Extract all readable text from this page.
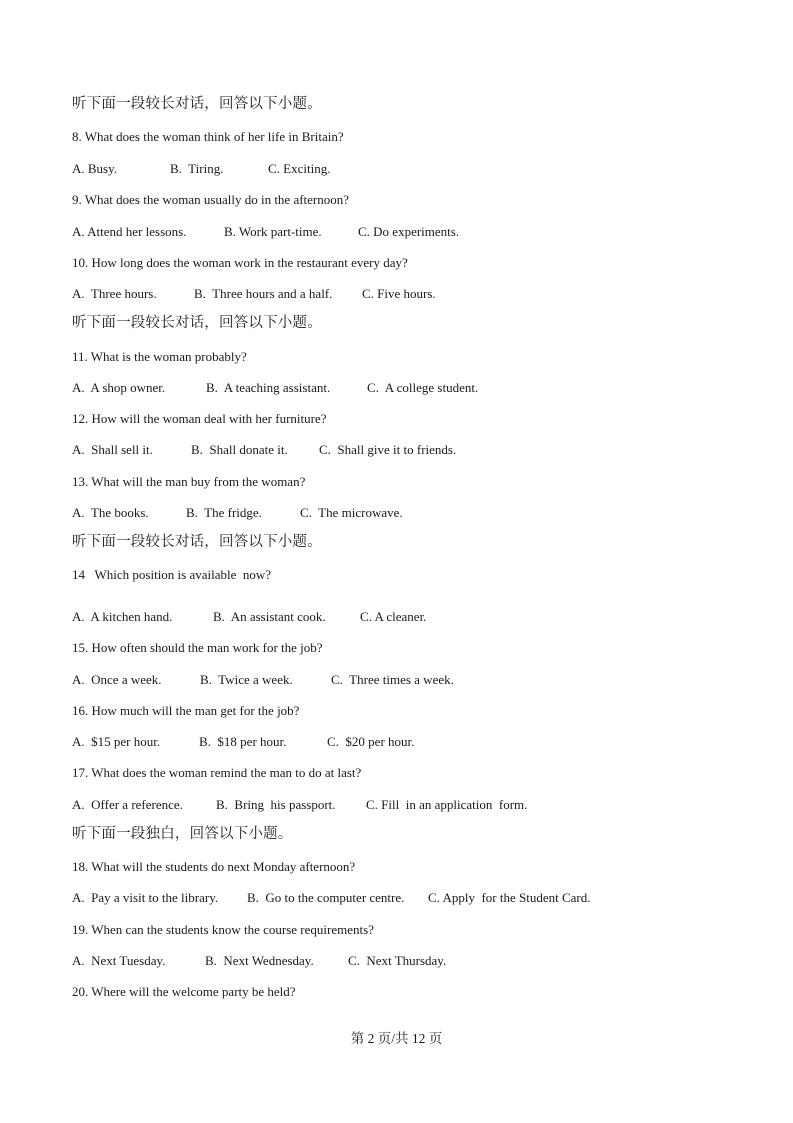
听下面一段较长对话，回答以下小题。
8. What does the woman think of her life in Britain?
A. Busy.	B.  Tiring.	C. Exciting.
9. What does the woman usually do in the afternoon?
A. Attend her lessons.	B. Work part-time.	C. Do experiments.
10. How long does the woman work in the restaurant every day?
A.  Three hours.	B.  Three hours and a half. C. Five hours.
听下面一段较长对话，回答以下小题。
11. What is the woman probably?
A.  A shop owner.	B.  A teaching assistant.	C.  A college student.
12. How will the woman deal with her furniture?
A.  Shall sell it.	B.  Shall donate it. C.  Shall give it to friends.
13. What will the man buy from the woman?
A.  The books.	B.  The fridge.	C.  The microwave.
听下面一段较长对话，回答以下小题。
14   Which position is available  now?
A.  A kitchen hand.	B.  An assistant cook.	C. A cleaner.
15. How often should the man work for the job?
A.  Once a week.	B.  Twice a week.	C.  Three times a week.
16. How much will the man get for the job?
A.  $15 per hour.	B.  $18 per hour.	C.  $20 per hour.
17. What does the woman remind the man to do at last?
A.  Offer a reference.	B.  Bring  his passport. C. Fill  in an application  form.
听下面一段独白，回答以下小题。
18. What will the students do next Monday afternoon?
A.  Pay a visit to the library. B.  Go to the computer centre. C. Apply  for the Student Card.
19. When can the students know the course requirements?
A.  Next Tuesday.	B.  Next Wednesday.	C.  Next Thursday.
20. Where will the welcome party be held?
第 2 页/共 12 页
